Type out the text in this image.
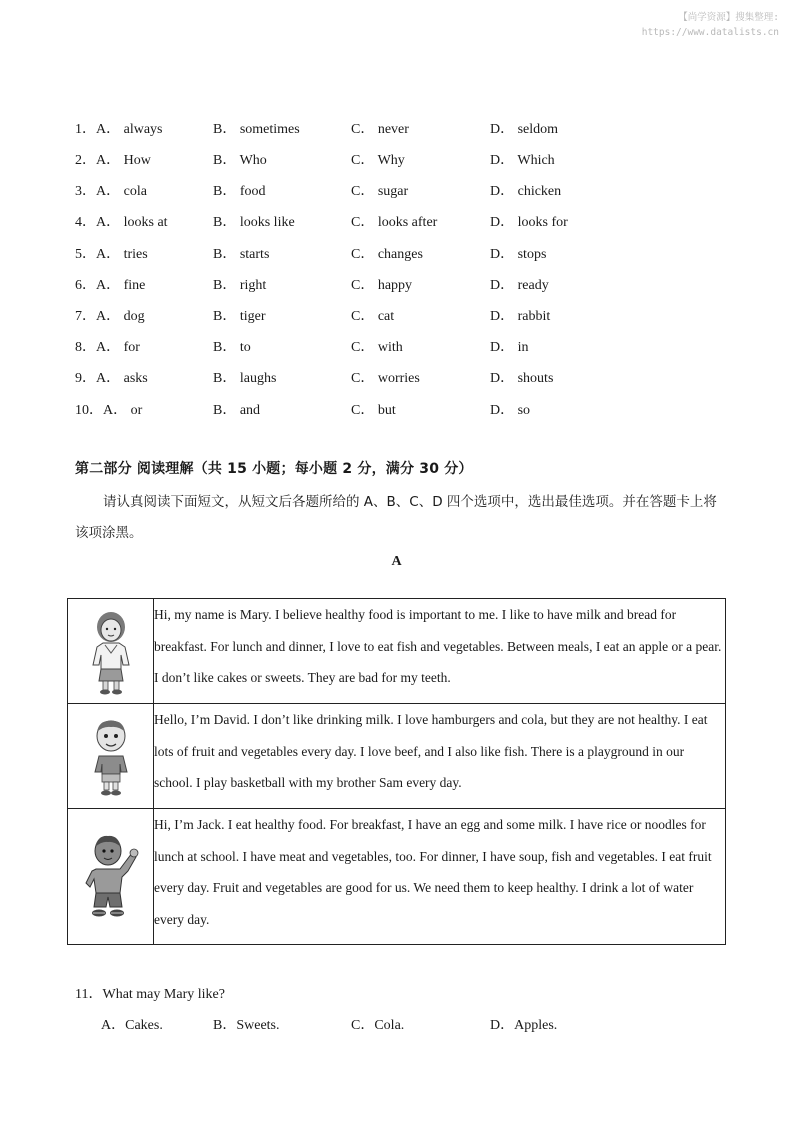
【尚学资源】搜集整理:
https://www.datalists.cn
1．A． always	B． sometimes	C． never	D． seldom
2．A． How	B． Who	C． Why	D． Which
3．A． cola	B． food	C． sugar	D． chicken
4．A． looks at	B． looks like	C． looks after	D． looks for
5．A． tries	B． starts	C． changes	D． stops
6．A． fine	B． right	C． happy	D． ready
7．A． dog	B． tiger	C． cat	D． rabbit
8．A． for	B． to	C． with	D． in
9．A． asks	B． laughs	C． worries	D． shouts
10．A． or	B． and	C． but	D． so
第二部分 阅读理解（共 15 小题；每小题 2 分，满分 30 分）
请认真阅读下面短文，从短文后各题所给的 A、B、C、D 四个选项中，选出最佳选项。并在答题卡上将该项涂黑。
A
	Hi, my name is Mary. I believe healthy food is important to me. I like to have milk and bread for breakfast. For lunch and dinner, I love to eat fish and vegetables. Between meals, I eat an apple or a pear. I don’t like cakes or sweets. They are bad for my teeth.

	Hello, I’m David. I don’t like drinking milk. I love hamburgers and cola, but they are not healthy. I eat lots of fruit and vegetables every day. I love beef, and I also like fish. There is a playground in our school. I play basketball with my brother Sam every day.

	Hi, I’m Jack. I eat healthy food. For breakfast, I have an egg and some milk. I have rice or noodles for lunch at school. I have meat and vegetables, too. For dinner, I have soup, fish and vegetables. I eat fruit every day. Fruit and vegetables are good for us. We need them to keep healthy. I drink a lot of water every day.
11．What may Mary like?
A．Cakes.	B．Sweets.	C．Cola.	D．Apples.
